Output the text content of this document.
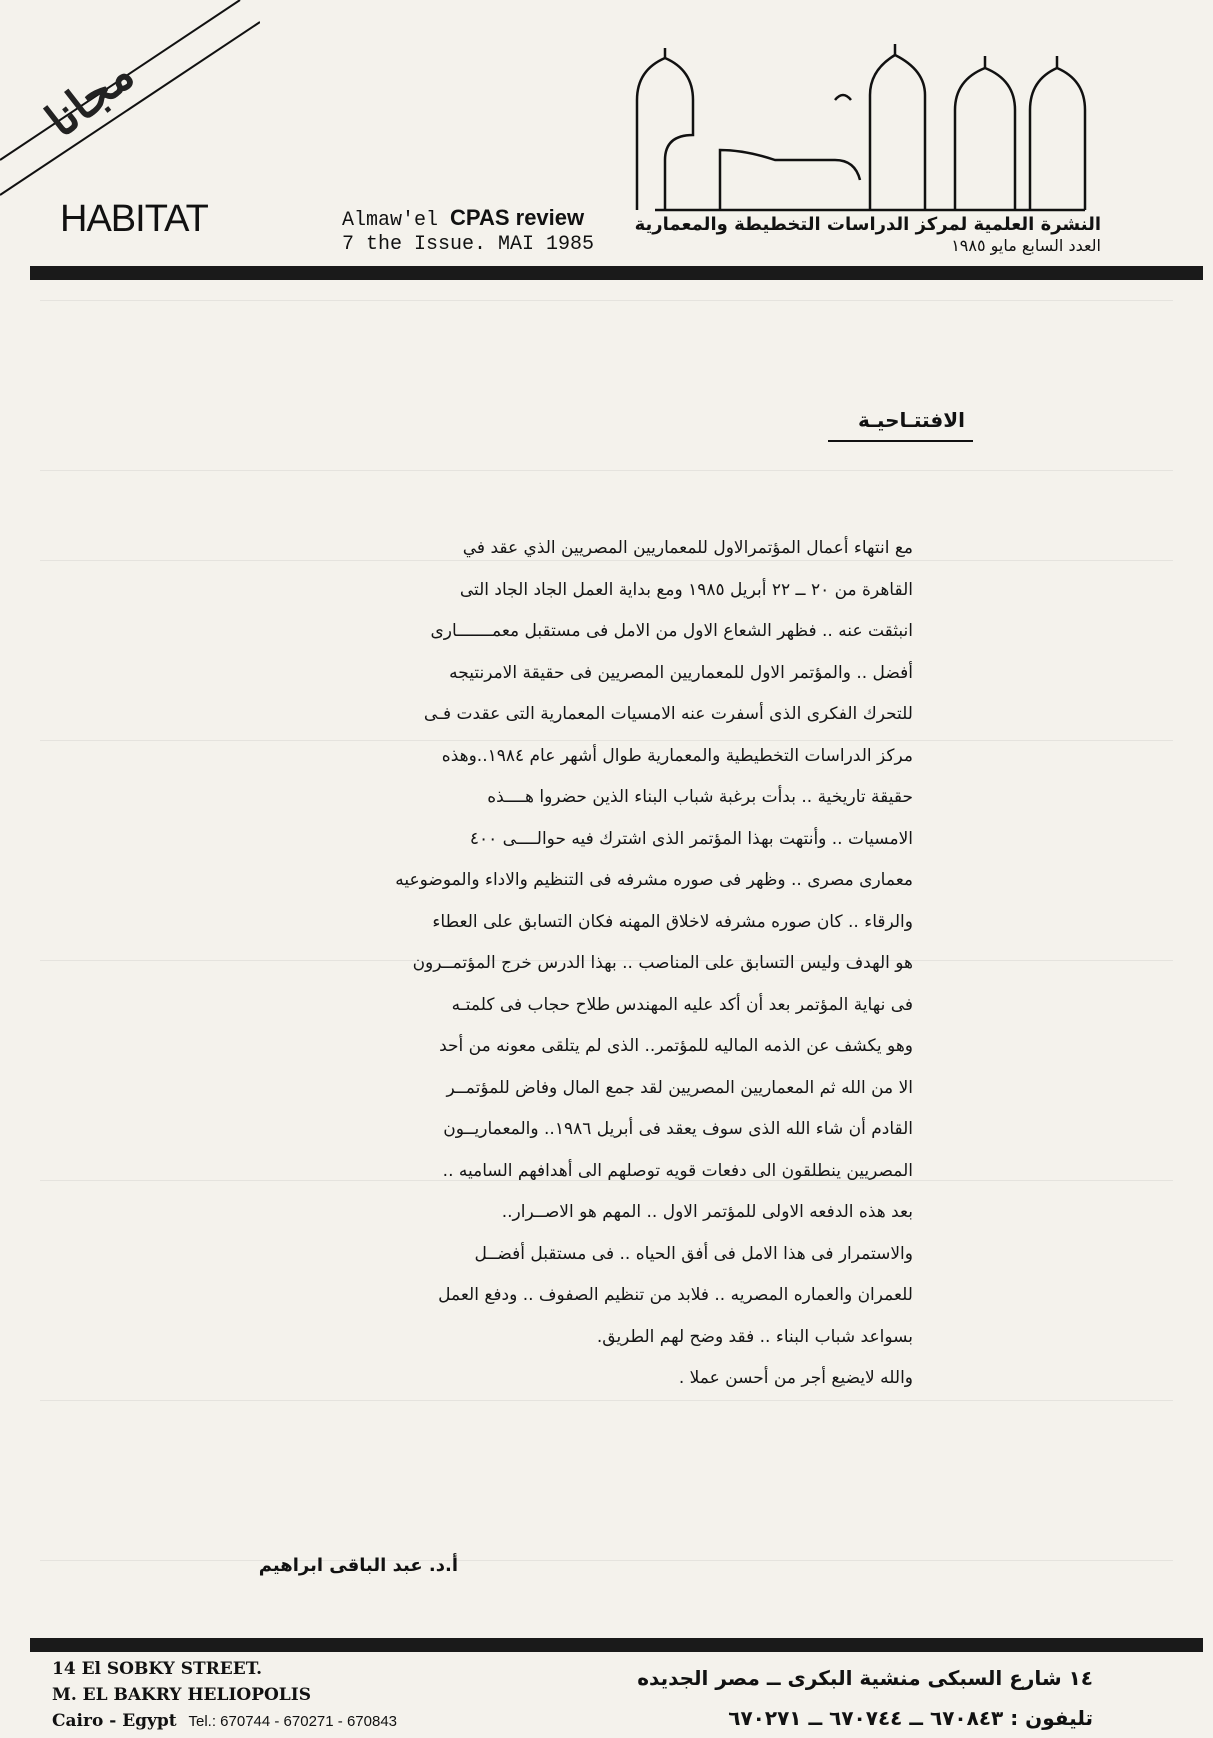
مجانا
HABITAT	Almaw'el CPAS review
7 the Issue. MAI 1985
النشرة العلمية لمركز الدراسات التخطيطة والمعمارية
العدد السابع مايو ١٩٨٥
الافتتـاحيـة

مع انتهاء أعمال المؤتمرالاول للمعماريين المصريين الذي عقد في

القاهرة من ٢٠ ــ ٢٢ أبريل ١٩٨٥ ومع بداية العمل الجاد الجاد التى

انبثقت عنه .. فظهر الشعاع الاول من الامل فى مستقبل معمـــــــارى

أفضل .. والمؤتمر الاول للمعماريين المصريين فى حقيقة الامرنتيجه

للتحرك الفكرى الذى أسفرت عنه الامسيات المعمارية التى عقدت فـى

مركز الدراسات التخطيطية والمعمارية طوال أشهر عام ١٩٨٤..وهذه

حقيقة تاريخية .. بدأت برغبة شباب البناء الذين حضروا هــــذه

الامسيات .. وأنتهت بهذا المؤتمر الذى اشترك فيه حوالــــى ٤٠٠

معمارى مصرى .. وظهر فى صوره مشرفه فى التنظيم والاداء والموضوعيه

والرقاء .. كان صوره مشرفه لاخلاق المهنه فكان التسابق على العطاء

هو الهدف وليس التسابق على المناصب .. بهذا الدرس خرج المؤتمــرون

فى نهاية المؤتمر بعد أن أكد عليه المهندس طلاح حجاب فى كلمتـه

وهو يكشف عن الذمه الماليه للمؤتمر.. الذى لم يتلقى معونه من أحد

الا من الله ثم المعماريين المصريين لقد جمع المال وفاض للمؤتمــر

القادم أن شاء الله الذى سوف يعقد فى أبريل ١٩٨٦.. والمعماريــون

المصريين ينطلقون الى دفعات قويه توصلهم الى أهدافهم الساميه ..

بعد هذه الدفعه الاولى للمؤتمر الاول .. المهم هو الاصــرار..

والاستمرار فى هذا الامل فى أفق الحياه .. فى مستقبل أفضــل

للعمران والعماره المصريه .. فلابد من تنظيم الصفوف .. ودفع العمل

بسواعد شباب البناء .. فقد وضح لهم الطريق.

والله لايضيع أجر من أحسن عملا .

أ.د. عبد الباقى ابراهيم
14 El SOBKY STREET.
M. EL BAKRY HELIOPOLIS
Cairo - Egypt Tel.: 670744 - 670271 - 670843
١٤ شارع السبكى منشية البكرى ــ مصر الجديده
تليفون : ٦٧٠٨٤٣ ــ ٦٧٠٧٤٤ ــ ٦٧٠٢٧١
